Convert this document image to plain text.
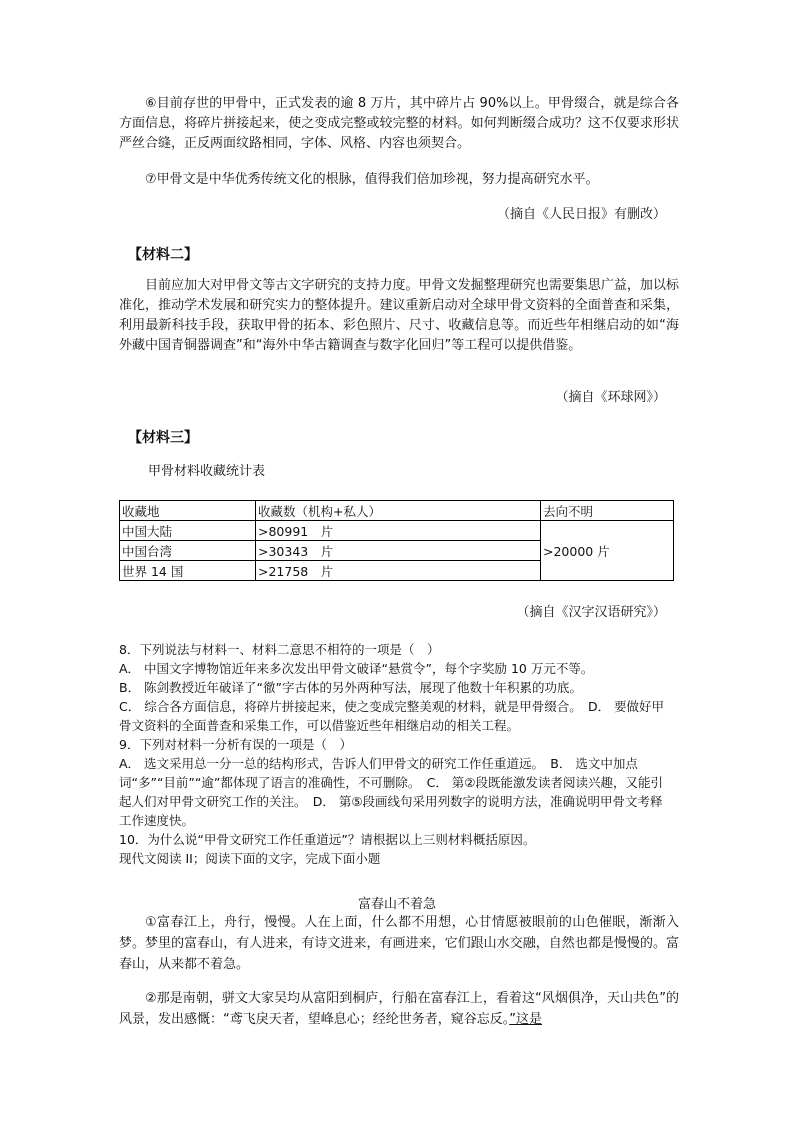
⑥目前存世的甲骨中，正式发表的逾 8 万片，其中碎片占 90%以上。甲骨缀合，就是综合各方面信息，将碎片拼接起来，使之变成完整或较完整的材料。如何判断缀合成功？这不仅要求形状严丝合缝，正反两面纹路相同，字体、风格、内容也须契合。

⑦甲骨文是中华优秀传统文化的根脉，值得我们倍加珍视，努力提高研究水平。

（摘自《人民日报》有删改）

【材料二】

目前应加大对甲骨文等古文字研究的支持力度。甲骨文发掘整理研究也需要集思广益，加以标准化，推动学术发展和研究实力的整体提升。建议重新启动对全球甲骨文资料的全面普查和采集，利用最新科技手段，获取甲骨的拓本、彩色照片、尺寸、收藏信息等。而近些年相继启动的如“海外藏中国青铜器调查”和“海外中华古籍调查与数字化回归”等工程可以提供借鉴。

（摘自《环球网》）

【材料三】

甲骨材料收藏统计表

收藏地	收藏数（机构+私人）	去向不明
中国大陆	>80991　片	>20000 片
中国台湾	>30343　片	
世界 14 国	>21758　片	

（摘自《汉字汉语研究》）

8．下列说法与材料一、材料二意思不相符的一项是（　）

A． 中国文字博物馆近年来多次发出甲骨文破译“悬赏令”，每个字奖励 10 万元不等。

B． 陈剑教授近年破译了“徹”字古体的另外两种写法，展现了他数十年积累的功底。

C． 综合各方面信息，将碎片拼接起来，使之变成完整美观的材料，就是甲骨缀合。　D． 要做好甲骨文资料的全面普查和采集工作，可以借鉴近些年相继启动的相关工程。

9．下列对材料一分析有误的一项是（　）

A． 选文采用总一分一总的结构形式，告诉人们甲骨文的研究工作任重道远。　B． 选文中加点词“多”“目前”“逾”都体现了语言的准确性，不可删除。　C． 第②段既能激发读者阅读兴趣，又能引起人们对甲骨文研究工作的关注。　D． 第⑤段画线句采用列数字的说明方法，准确说明甲骨文考释工作速度快。

10．为什么说“甲骨文研究工作任重道远”？请根据以上三则材料概括原因。

现代文阅读 II；阅读下面的文字，完成下面小题

富春山不着急

①富春江上，舟行，慢慢。人在上面，什么都不用想，心甘情愿被眼前的山色催眠，渐渐入梦。梦里的富春山，有人进来，有诗文进来，有画进来，它们跟山水交融，自然也都是慢慢的。富春山，从来都不着急。

②那是南朝，骈文大家吴均从富阳到桐庐，行船在富春江上，看着这“风烟俱净，天山共色”的风景，发出感慨：“鸢飞戾天者，望峰息心；经纶世务者，窥谷忘反。”这是
